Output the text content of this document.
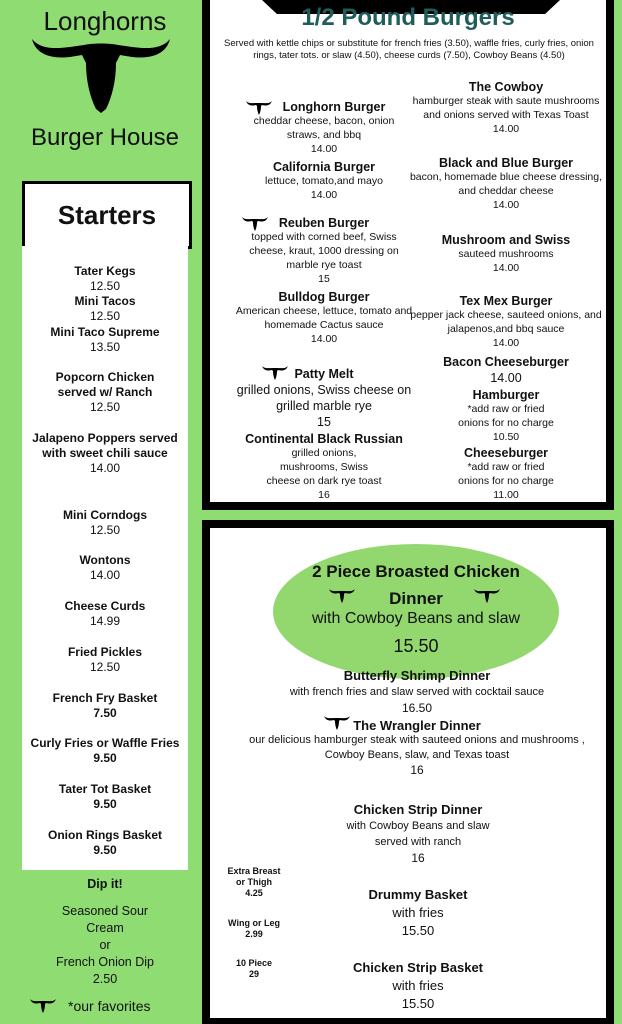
Longhorns
Burger House
Starters
Tater Kegs
12.50
Mini Tacos
12.50
Mini Taco Supreme
13.50
Popcorn Chicken served w/ Ranch
12.50
Jalapeno Poppers served with sweet chili sauce
14.00
Mini Corndogs
12.50
Wontons
14.00
Cheese Curds
14.99
Fried Pickles
12.50
French Fry Basket
7.50
Curly Fries or Waffle Fries
9.50
Tater Tot Basket
9.50
Onion Rings Basket
9.50
Dip it!
Seasoned Sour
Cream
or
French Onion Dip
2.50
*our favorites
1/2 Pound Burgers
Served with kettle chips or substitute for french fries (3.50), waffle fries, curly fries, onion rings, tater tots. or slaw (4.50), cheese curds (7.50), Cowboy Beans (4.50)
Longhorn Burger
cheddar cheese, bacon, onion straws, and bbq
14.00
California Burger
lettuce, tomato,and mayo
14.00
Reuben Burger
topped with corned beef, Swiss cheese, kraut, 1000 dressing on marble rye toast
15
Bulldog Burger
American cheese, lettuce, tomato and homemade Cactus sauce
14.00
Patty Melt
grilled onions, Swiss cheese on grilled marble rye
15
Continental Black Russian
grilled onions, mushrooms, Swiss cheese on dark rye toast
16
The Cowboy
hamburger steak with saute mushrooms and onions served with Texas Toast
14.00
Black and Blue Burger
bacon, homemade blue cheese dressing, and cheddar cheese
14.00
Mushroom and Swiss
sauteed mushrooms
14.00
Tex Mex Burger
pepper jack cheese, sauteed onions, and jalapenos,and bbq sauce
14.00
Bacon Cheeseburger
14.00
Hamburger
*add raw or fried onions for no charge
10.50
Cheeseburger
*add raw or fried onions for no charge
11.00
2 Piece Broasted Chicken Dinner
with Cowboy Beans and slaw
15.50
Butterfly Shrimp Dinner
with french fries and slaw served with cocktail sauce
16.50
The Wrangler Dinner
our delicious hamburger steak with sauteed onions and mushrooms , Cowboy Beans, slaw, and Texas toast
16
Chicken Strip Dinner
with Cowboy Beans and slaw served with ranch
16
Drummy Basket
with fries
15.50
Chicken Strip Basket
with fries
15.50
Extra Breast or Thigh
4.25
Wing or Leg
2.99
10 Piece
29
